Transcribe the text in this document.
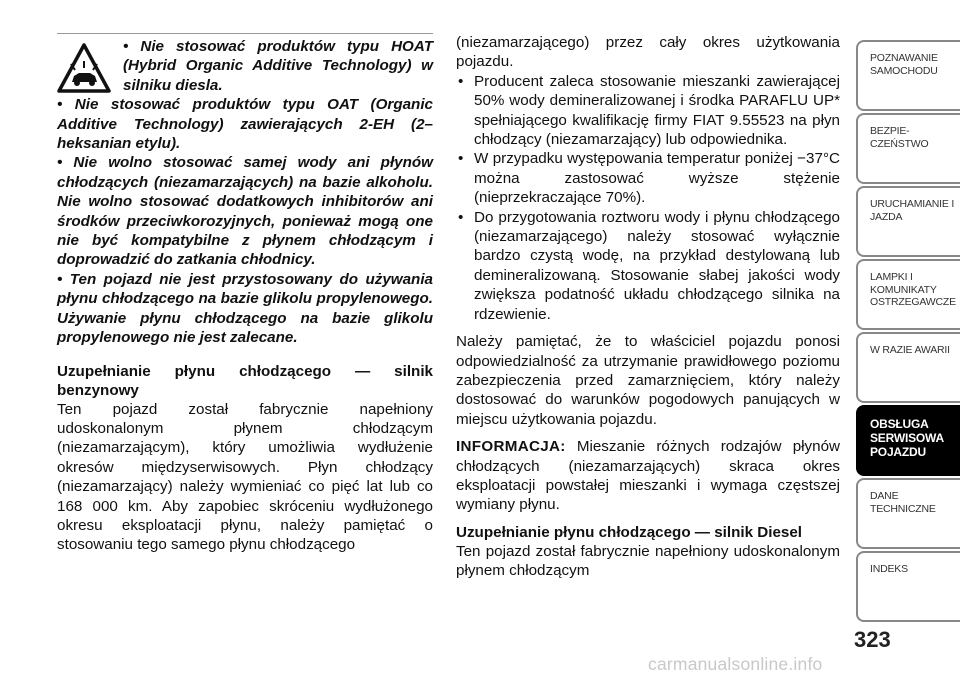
• Nie stosować produktów typu HOAT (Hybrid Organic Additive Technology) w silniku diesla.

• Nie stosować produktów typu OAT (Organic Additive Technology) zawierających 2-EH (2– heksanian etylu).

• Nie wolno stosować samej wody ani płynów chłodzących (niezamarzających) na bazie alkoholu. Nie wolno stosować dodatkowych inhibitorów ani środków przeciwkorozyjnych, ponieważ mogą one nie być kompatybilne z płynem chłodzącym i doprowadzić do zatkania chłodnicy.

• Ten pojazd nie jest przystosowany do używania płynu chłodzącego na bazie glikolu propylenowego. Używanie płynu chłodzącego na bazie glikolu propylenowego nie jest zalecane.

Uzupełnianie płynu chłodzącego — silnik benzynowy

Ten pojazd został fabrycznie napełniony udoskonalonym płynem chłodzącym (niezamarzającym), który umożliwia wydłużenie okresów międzyserwisowych. Płyn chłodzący (niezamarzający) należy wymieniać co pięć lat lub co 168 000 km. Aby zapobiec skróceniu wydłużonego okresu eksploatacji płynu, należy pamiętać o stosowaniu tego samego płynu chłodzącego

(niezamarzającego) przez cały okres użytkowania pojazdu.

• Producent zaleca stosowanie mieszanki zawierającej 50% wody demineralizowanej i środka PARAFLU UP* spełniającego kwalifikację firmy FIAT 9.55523 na płyn chłodzący (niezamarzający) lub odpowiednika.
• W przypadku występowania temperatur poniżej −37°C można zastosować wyższe stężenie (nieprzekraczające 70%).
• Do przygotowania roztworu wody i płynu chłodzącego (niezamarzającego) należy stosować wyłącznie bardzo czystą wodę, na przykład destylowaną lub demineralizowaną. Stosowanie słabej jakości wody zwiększa podatność układu chłodzącego silnika na rdzewienie.

Należy pamiętać, że to właściciel pojazdu ponosi odpowiedzialność za utrzymanie prawidłowego poziomu zabezpieczenia przed zamarznięciem, który należy dostosować do warunków pogodowych panujących w miejscu użytkowania pojazdu.

INFORMACJA: Mieszanie różnych rodzajów płynów chłodzących (niezamarzających) skraca okres eksploatacji powstałej mieszanki i wymaga częstszej wymiany płynu.

Uzupełnianie płynu chłodzącego — silnik Diesel

Ten pojazd został fabrycznie napełniony udoskonalonym płynem chłodzącym

POZNAWANIE SAMOCHODU
BEZPIE- CZEŃSTWO
URUCHAMIANIE I JAZDA
LAMPKI I KOMUNIKATY OSTRZEGAWCZE
W RAZIE AWARII
OBSŁUGA SERWISOWA POJAZDU
DANE TECHNICZNE
INDEKS
323
carmanualsonline.info
